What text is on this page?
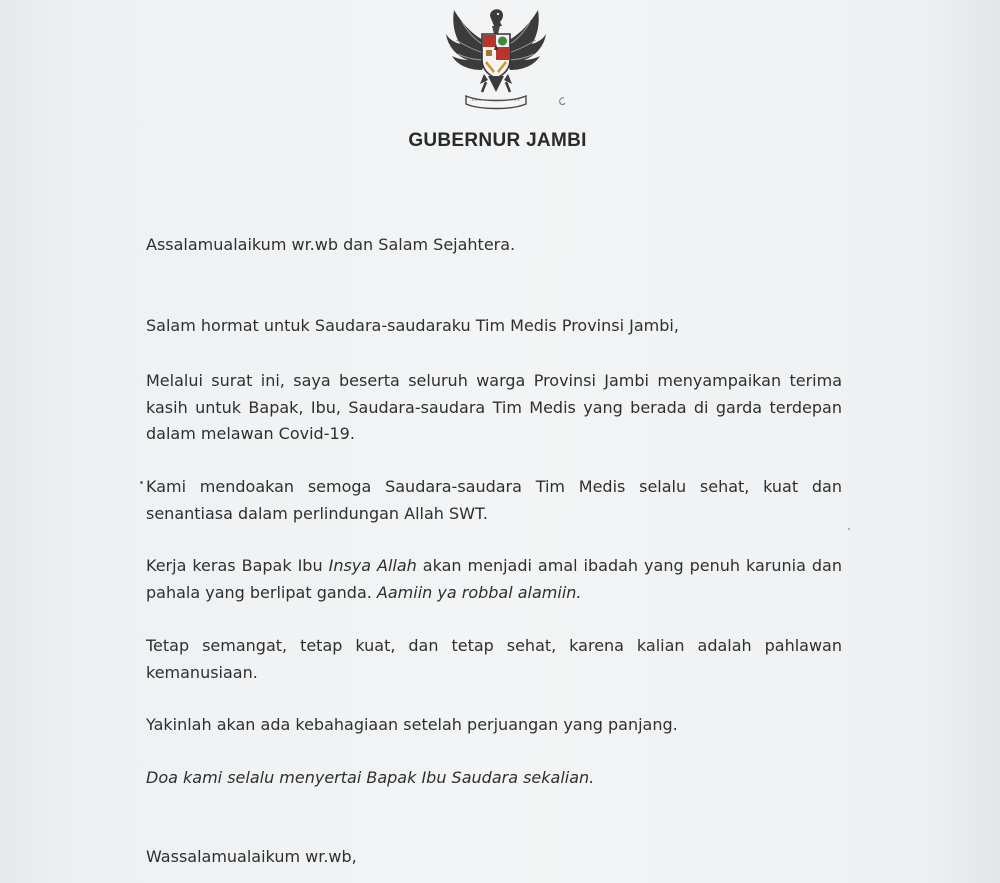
GUBERNUR JAMBI

Assalamualaikum wr.wb dan Salam Sejahtera.

Salam hormat untuk Saudara-saudaraku Tim Medis Provinsi Jambi,

Melalui surat ini, saya beserta seluruh warga Provinsi Jambi menyampaikan terima kasih untuk Bapak, Ibu, Saudara-saudara Tim Medis yang berada di garda terdepan dalam melawan Covid-19.

Kami mendoakan semoga Saudara-saudara Tim Medis selalu sehat, kuat dan senantiasa dalam perlindungan Allah SWT.

Kerja keras Bapak Ibu Insya Allah akan menjadi amal ibadah yang penuh karunia dan pahala yang berlipat ganda. Aamiin ya robbal alamiin.

Tetap semangat, tetap kuat, dan tetap sehat, karena kalian adalah pahlawan kemanusiaan.

Yakinlah akan ada kebahagiaan setelah perjuangan yang panjang.

Doa kami selalu menyertai Bapak Ibu Saudara sekalian.

Wassalamualaikum wr.wb,
